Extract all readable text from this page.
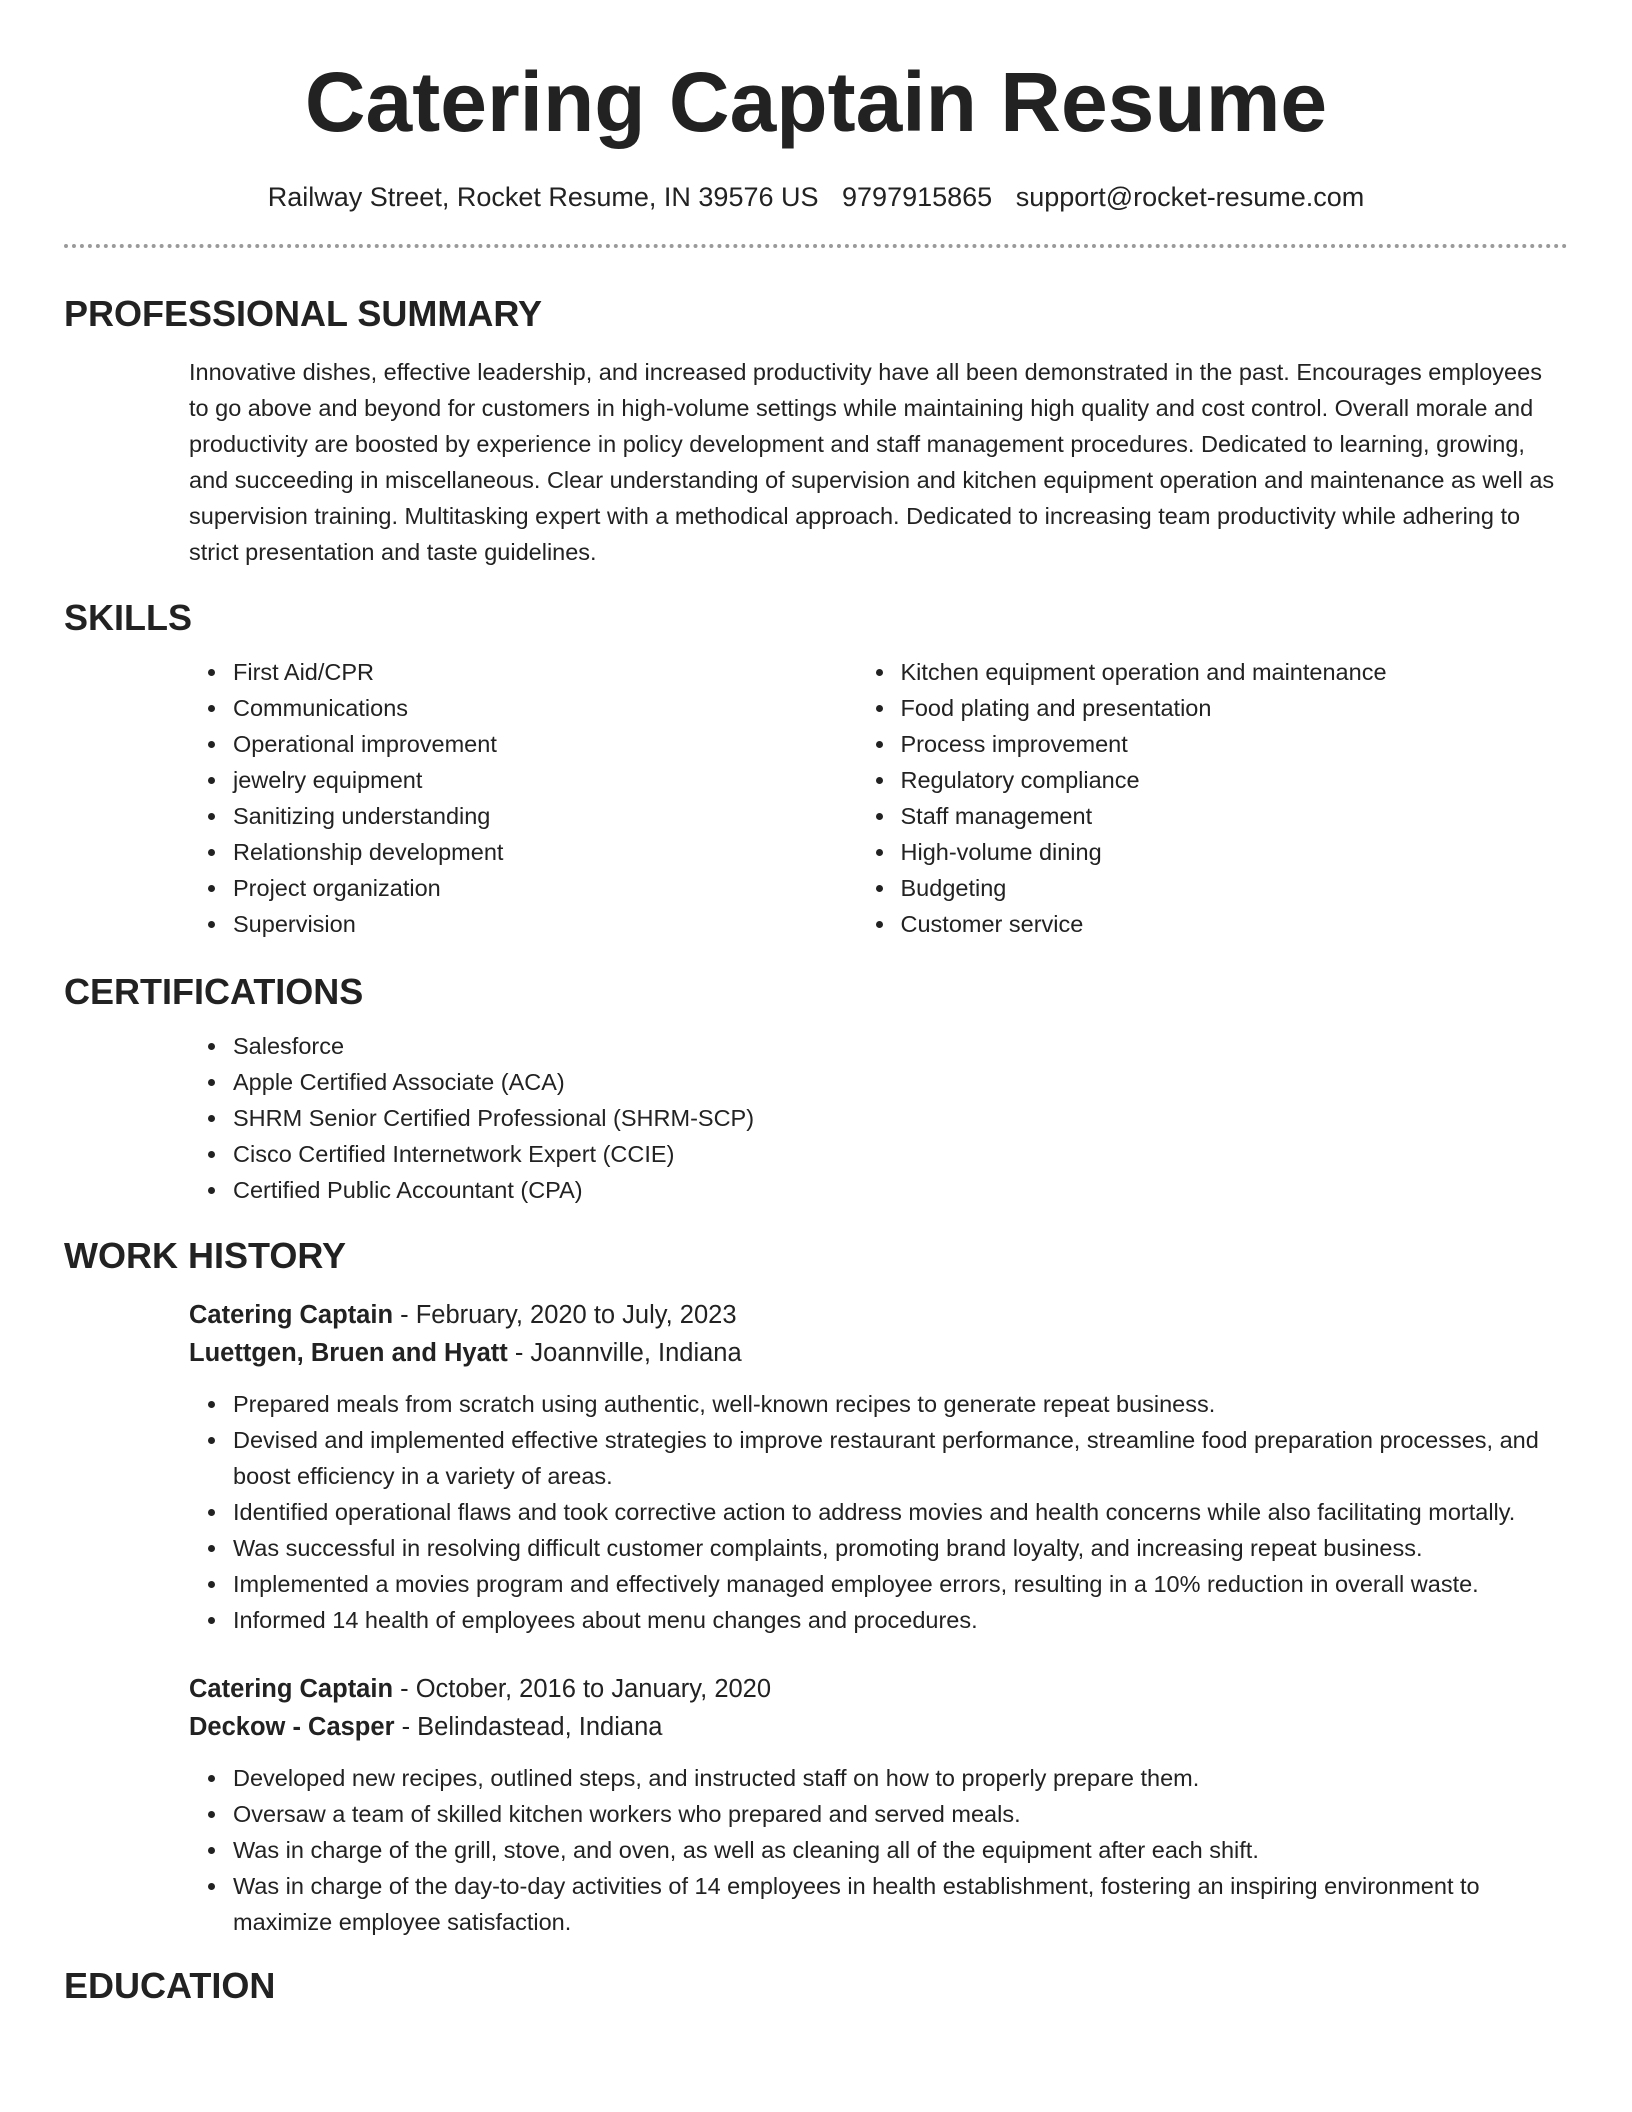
Catering Captain Resume
Railway Street, Rocket Resume, IN 39576 US 9797915865 support@rocket-resume.com
PROFESSIONAL SUMMARY

Innovative dishes, effective leadership, and increased productivity have all been demonstrated in the past. Encourages employees to go above and beyond for customers in high-volume settings while maintaining high quality and cost control. Overall morale and productivity are boosted by experience in policy development and staff management procedures. Dedicated to learning, growing, and succeeding in miscellaneous. Clear understanding of supervision and kitchen equipment operation and maintenance as well as supervision training. Multitasking expert with a methodical approach. Dedicated to increasing team productivity while adhering to strict presentation and taste guidelines.

SKILLS
First Aid/CPR
Communications
Operational improvement
jewelry equipment
Sanitizing understanding
Relationship development
Project organization
Supervision
Kitchen equipment operation and maintenance
Food plating and presentation
Process improvement
Regulatory compliance
Staff management
High-volume dining
Budgeting
Customer service
CERTIFICATIONS
Salesforce
Apple Certified Associate (ACA)
SHRM Senior Certified Professional (SHRM-SCP)
Cisco Certified Internetwork Expert (CCIE)
Certified Public Accountant (CPA)
WORK HISTORY
Catering Captain - February, 2020 to July, 2023
Luettgen, Bruen and Hyatt - Joannville, Indiana
Prepared meals from scratch using authentic, well-known recipes to generate repeat business.
Devised and implemented effective strategies to improve restaurant performance, streamline food preparation processes, and boost efficiency in a variety of areas.
Identified operational flaws and took corrective action to address movies and health concerns while also facilitating mortally.
Was successful in resolving difficult customer complaints, promoting brand loyalty, and increasing repeat business.
Implemented a movies program and effectively managed employee errors, resulting in a 10% reduction in overall waste.
Informed 14 health of employees about menu changes and procedures.
Catering Captain - October, 2016 to January, 2020
Deckow - Casper - Belindastead, Indiana
Developed new recipes, outlined steps, and instructed staff on how to properly prepare them.
Oversaw a team of skilled kitchen workers who prepared and served meals.
Was in charge of the grill, stove, and oven, as well as cleaning all of the equipment after each shift.
Was in charge of the day-to-day activities of 14 employees in health establishment, fostering an inspiring environment to maximize employee satisfaction.
EDUCATION
